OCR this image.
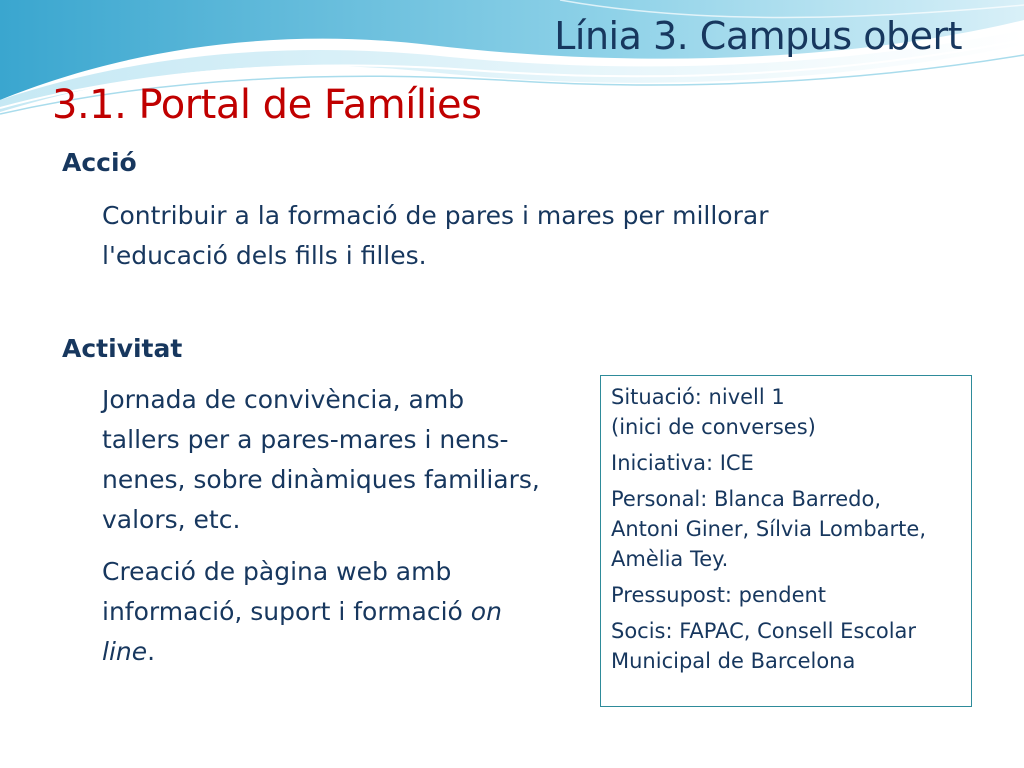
Línia 3. Campus obert
3.1. Portal de Famílies
Acció
Contribuir a la formació de pares i mares per millorar
l'educació dels fills i filles.
Activitat
Jornada de convivència, amb
tallers per a pares-mares i nens-
nenes, sobre dinàmiques familiars,
valors, etc.
Creació de pàgina web amb
informació, suport i formació on
line.
Situació: nivell 1
(inici de converses)
Iniciativa: ICE
Personal: Blanca Barredo,
Antoni Giner, Sílvia Lombarte,
Amèlia Tey.
Pressupost: pendent
Socis: FAPAC, Consell Escolar
Municipal de Barcelona
